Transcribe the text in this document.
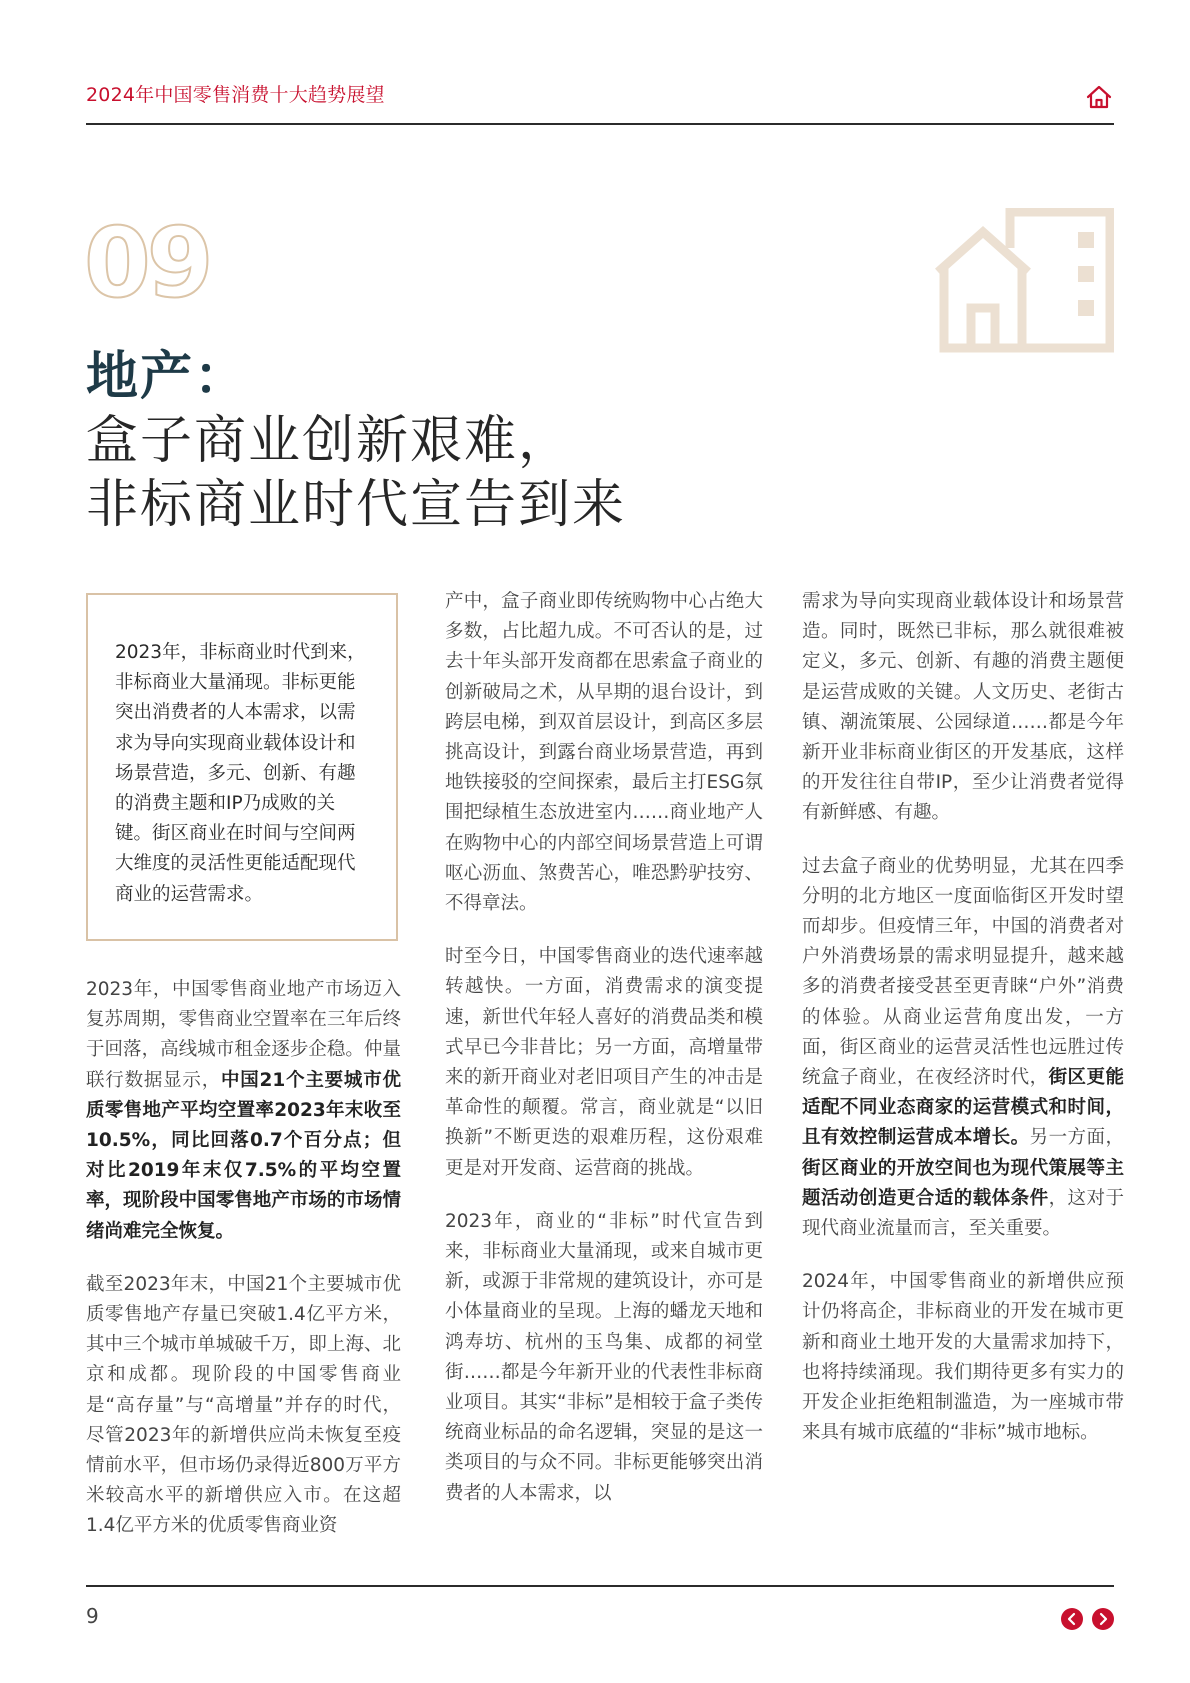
2024年中国零售消费十大趋势展望
09
地产：
盒子商业创新艰难，
非标商业时代宣告到来
2023年，非标商业时代到来，非标商业大量涌现。非标更能突出消费者的人本需求，以需求为导向实现商业载体设计和场景营造，多元、创新、有趣的消费主题和IP乃成败的关键。街区商业在时间与空间两大维度的灵活性更能适配现代商业的运营需求。

2023年，中国零售商业地产市场迈入复苏周期，零售商业空置率在三年后终于回落，高线城市租金逐步企稳。仲量联行数据显示，中国21个主要城市优质零售地产平均空置率2023年末收至10.5%，同比回落0.7个百分点；但对比2019年末仅7.5%的平均空置率，现阶段中国零售地产市场的市场情绪尚难完全恢复。

截至2023年末，中国21个主要城市优质零售地产存量已突破1.4亿平方米，其中三个城市单城破千万，即上海、北京和成都。现阶段的中国零售商业是“高存量”与“高增量”并存的时代，尽管2023年的新增供应尚未恢复至疫情前水平，但市场仍录得近800万平方米较高水平的新增供应入市。在这超1.4亿平方米的优质零售商业资

产中，盒子商业即传统购物中心占绝大多数，占比超九成。不可否认的是，过去十年头部开发商都在思索盒子商业的创新破局之术，从早期的退台设计，到跨层电梯，到双首层设计，到高区多层挑高设计，到露台商业场景营造，再到地铁接驳的空间探索，最后主打ESG氛围把绿植生态放进室内……商业地产人在购物中心的内部空间场景营造上可谓呕心沥血、煞费苦心，唯恐黔驴技穷、不得章法。

时至今日，中国零售商业的迭代速率越转越快。一方面，消费需求的演变提速，新世代年轻人喜好的消费品类和模式早已今非昔比；另一方面，高增量带来的新开商业对老旧项目产生的冲击是革命性的颠覆。常言，商业就是“以旧换新”不断更迭的艰难历程，这份艰难更是对开发商、运营商的挑战。

2023年，商业的“非标”时代宣告到来，非标商业大量涌现，或来自城市更新，或源于非常规的建筑设计，亦可是小体量商业的呈现。上海的蟠龙天地和鸿寿坊、杭州的玉鸟集、成都的祠堂街……都是今年新开业的代表性非标商业项目。其实“非标”是相较于盒子类传统商业标品的命名逻辑，突显的是这一类项目的与众不同。非标更能够突出消费者的人本需求，以

需求为导向实现商业载体设计和场景营造。同时，既然已非标，那么就很难被定义，多元、创新、有趣的消费主题便是运营成败的关键。人文历史、老街古镇、潮流策展、公园绿道……都是今年新开业非标商业街区的开发基底，这样的开发往往自带IP，至少让消费者觉得有新鲜感、有趣。

过去盒子商业的优势明显，尤其在四季分明的北方地区一度面临街区开发时望而却步。但疫情三年，中国的消费者对户外消费场景的需求明显提升，越来越多的消费者接受甚至更青睐“户外”消费的体验。从商业运营角度出发，一方面，街区商业的运营灵活性也远胜过传统盒子商业，在夜经济时代，街区更能适配不同业态商家的运营模式和时间，且有效控制运营成本增长。另一方面，街区商业的开放空间也为现代策展等主题活动创造更合适的载体条件，这对于现代商业流量而言，至关重要。

2024年，中国零售商业的新增供应预计仍将高企，非标商业的开发在城市更新和商业土地开发的大量需求加持下，也将持续涌现。我们期待更多有实力的开发企业拒绝粗制滥造，为一座城市带来具有城市底蕴的“非标”城市地标。

9
